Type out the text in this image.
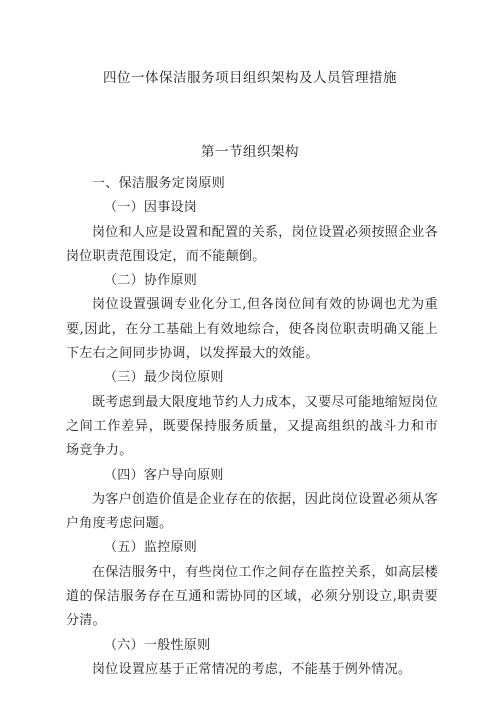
四位一体保洁服务项目组织架构及人员管理措施
第一节组织架构

一、保洁服务定岗原则

（一）因事设岗

岗位和人应是设置和配置的关系，岗位设置必须按照企业各岗位职责范围设定，而不能颠倒。

（二）协作原则

岗位设置强调专业化分工,但各岗位间有效的协调也尤为重要,因此，在分工基础上有效地综合，使各岗位职责明确又能上下左右之间同步协调，以发挥最大的效能。

（三）最少岗位原则

既考虑到最大限度地节约人力成本，又要尽可能地缩短岗位之间工作差异，既要保持服务质量，又提高组织的战斗力和市场竞争力。

（四）客户导向原则

为客户创造价值是企业存在的依据，因此岗位设置必须从客户角度考虑问题。

（五）监控原则

在保洁服务中，有些岗位工作之间存在监控关系，如高层楼道的保洁服务存在互通和需协同的区域，必须分别设立,职责要分清。

（六）一般性原则

岗位设置应基于正常情况的考虑，不能基于例外情况。
